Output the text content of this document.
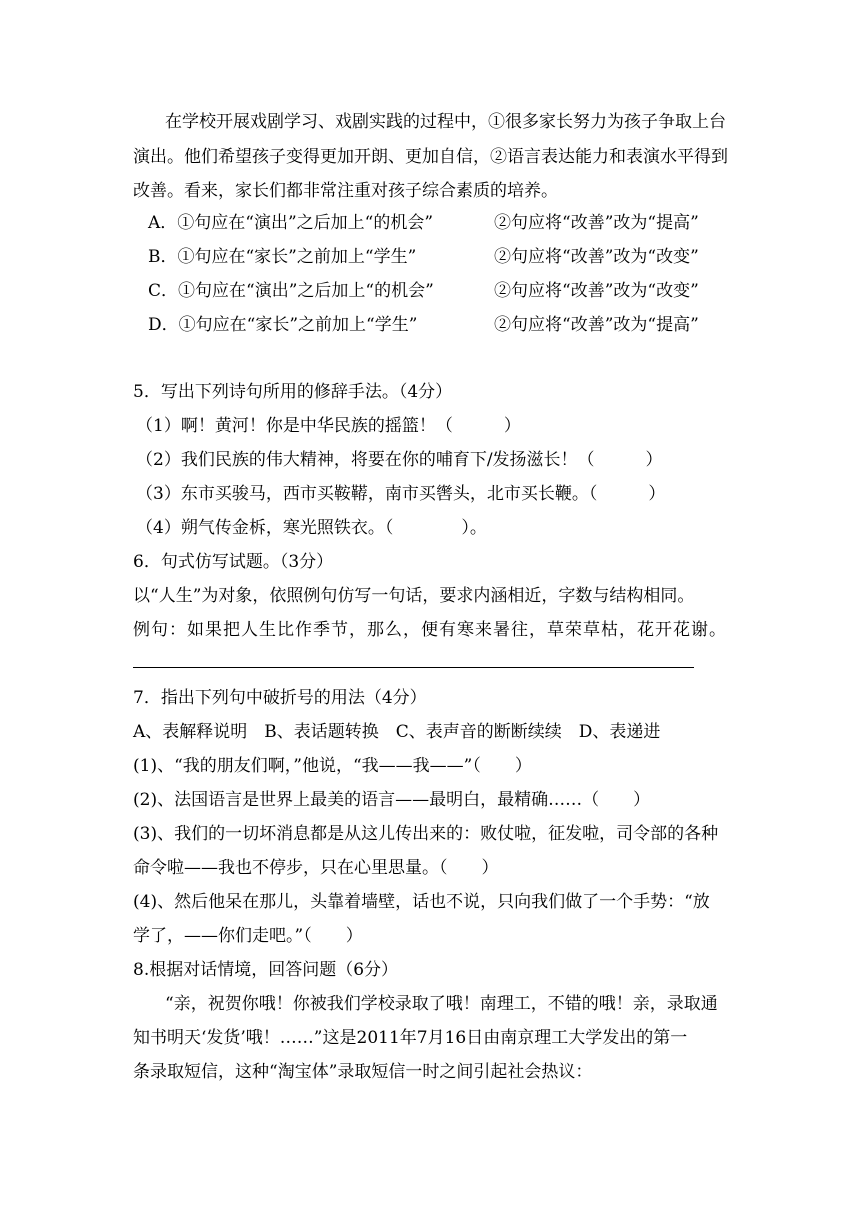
在学校开展戏剧学习、戏剧实践的过程中，①很多家长努力为孩子争取上台
演出。他们希望孩子变得更加开朗、更加自信，②语言表达能力和表演水平得到
改善。看来，家长们都非常注重对孩子综合素质的培养。
A．①句应在“演出”之后加上“的机会”	②句应将“改善”改为“提高”
B．①句应在“家长”之前加上“学生”	②句应将“改善”改为“改变”
C．①句应在“演出”之后加上“的机会”	②句应将“改善”改为“改变”
D．①句应在“家长”之前加上“学生”	②句应将“改善”改为“提高”
5．写出下列诗句所用的修辞手法。（4分）
（1）啊！黄河！你是中华民族的摇篮！（　　　）
（2）我们民族的伟大精神，将要在你的哺育下/发扬滋长！（　　　）
（3）东市买骏马，西市买鞍鞯，南市买辔头，北市买长鞭。（　　　）
（4）朔气传金柝，寒光照铁衣。（　　　　）。
6．句式仿写试题。（3分）
以“人生”为对象，依照例句仿写一句话，要求内涵相近，字数与结构相同。
例句：如果把人生比作季节，那么，便有寒来暑往，草荣草枯，花开花谢。
7．指出下列句中破折号的用法（4分）
A、表解释说明　B、表话题转换　C、表声音的断断续续　D、表递进
(1)、“我的朋友们啊，”他说，“我——我——”（　　）
(2)、法国语言是世界上最美的语言——最明白，最精确……（　　）
(3)、我们的一切坏消息都是从这儿传出来的：败仗啦，征发啦，司令部的各种
命令啦——我也不停步，只在心里思量。（　　）
(4)、然后他呆在那儿，头靠着墙壁，话也不说，只向我们做了一个手势：“放
学了，——你们走吧。”（　　）
8.根据对话情境，回答问题（6分）
“亲，祝贺你哦！你被我们学校录取了哦！南理工，不错的哦！亲，录取通
知书明天‘发货’哦！……”这是2011年7月16日由南京理工大学发出的第一
条录取短信，这种“淘宝体”录取短信一时之间引起社会热议：
